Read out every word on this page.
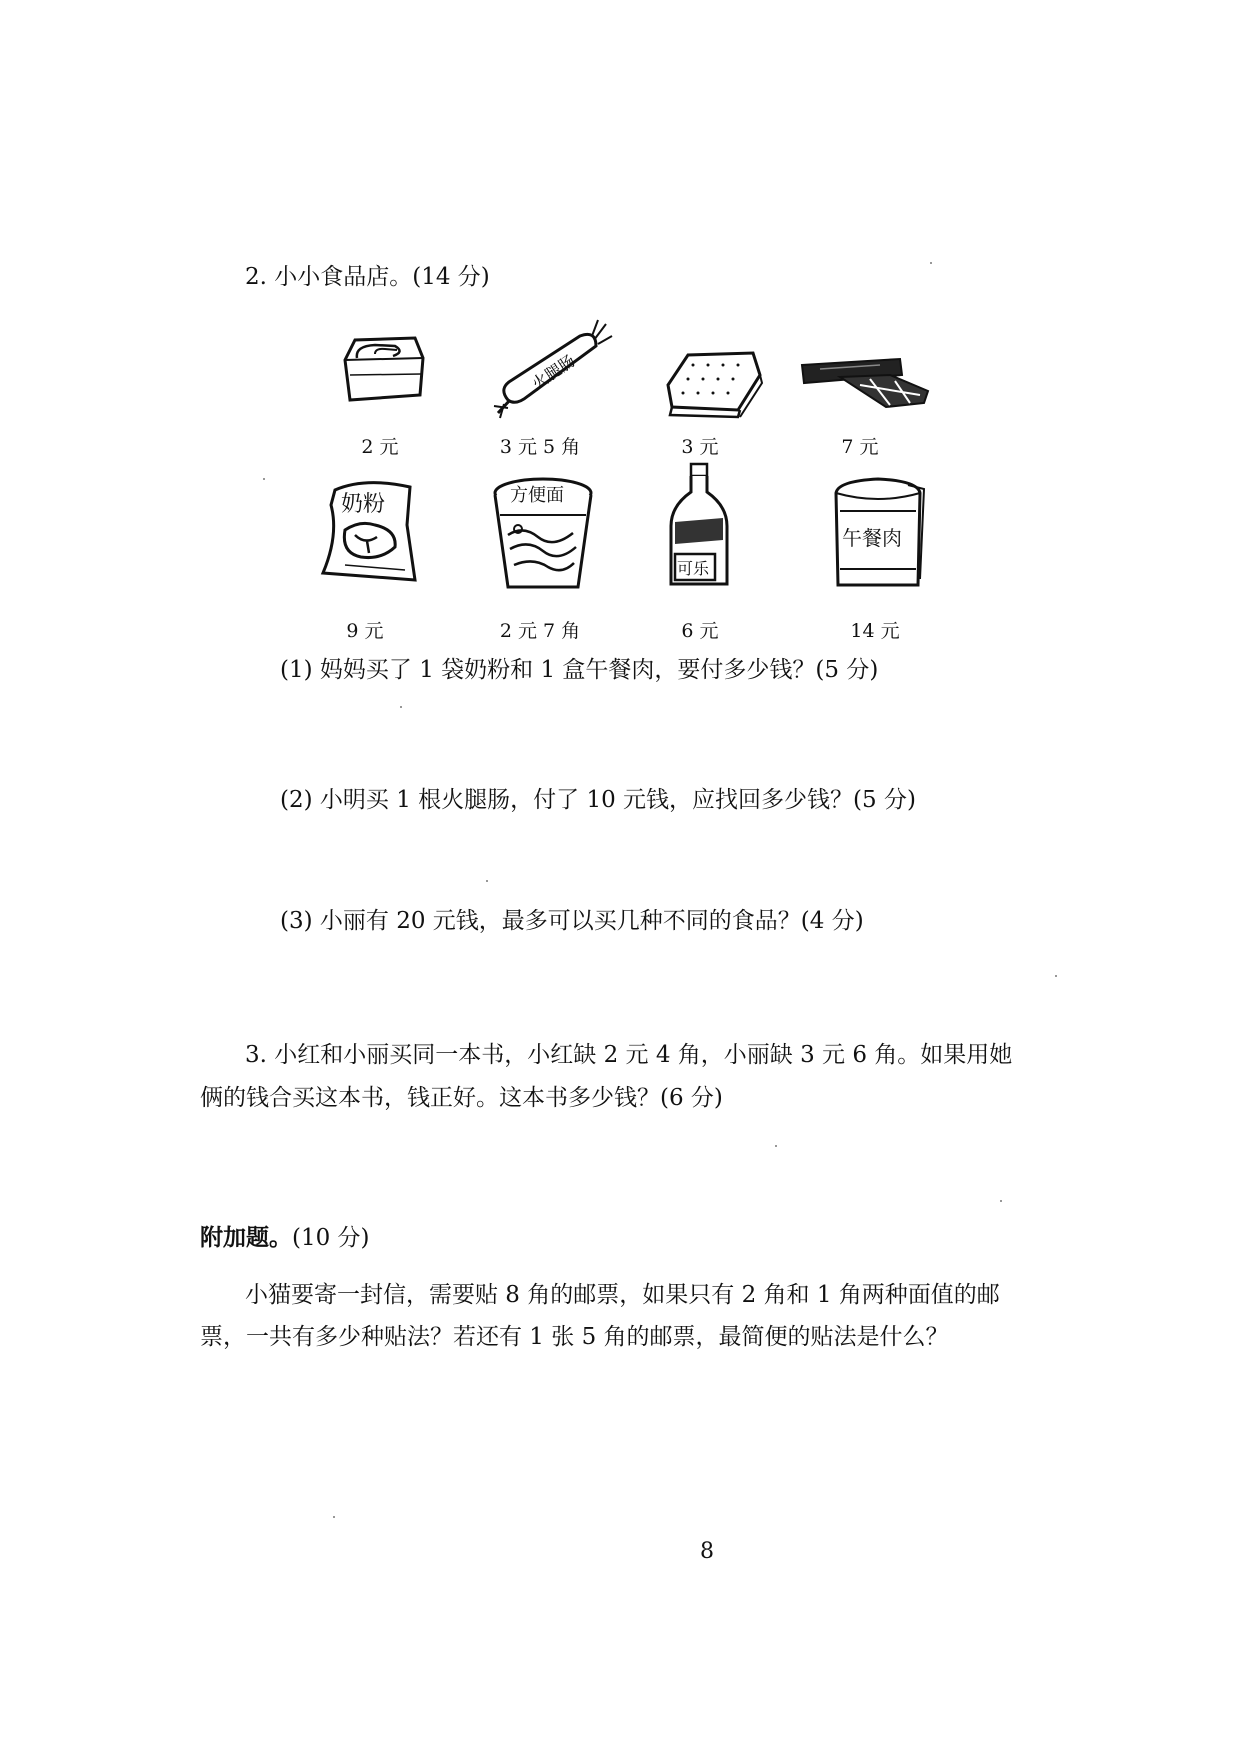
2. 小小食品店。(14 分)
火腿肠
2 元	3 元 5 角	3 元	7 元
奶粉	方便面
可乐
午餐肉
9 元	2 元 7 角	6 元	14 元
(1) 妈妈买了 1 袋奶粉和 1 盒午餐肉，要付多少钱？(5 分)
(2) 小明买 1 根火腿肠，付了 10 元钱，应找回多少钱？(5 分)
(3) 小丽有 20 元钱，最多可以买几种不同的食品？(4 分)
3. 小红和小丽买同一本书，小红缺 2 元 4 角，小丽缺 3 元 6 角。如果用她
俩的钱合买这本书，钱正好。这本书多少钱？(6 分)
附加题。(10 分)
小猫要寄一封信，需要贴 8 角的邮票，如果只有 2 角和 1 角两种面值的邮
票，一共有多少种贴法？若还有 1 张 5 角的邮票，最简便的贴法是什么？
8
